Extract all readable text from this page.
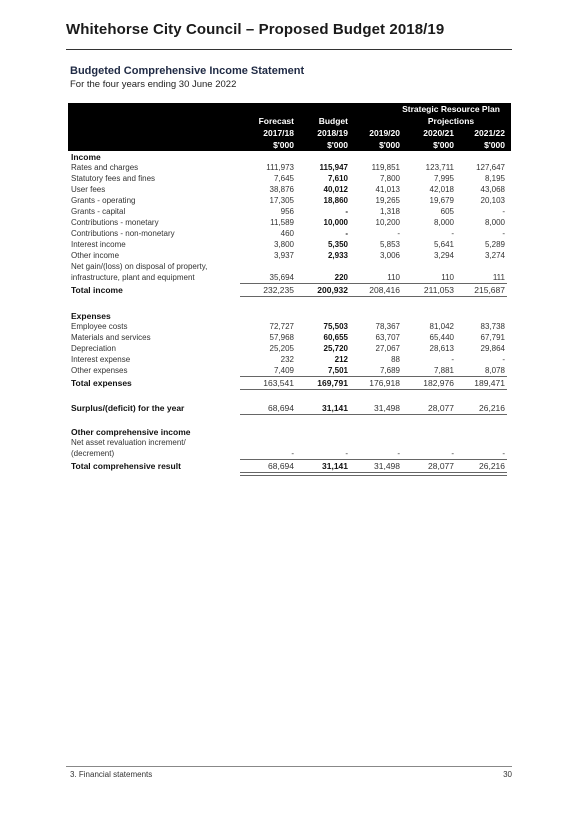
Whitehorse City Council – Proposed Budget 2018/19
Budgeted Comprehensive Income Statement
For the four years ending 30 June 2022
Strategic Resource Plan
Forecast	Budget	Projections
2017/18	2018/19	2019/20	2020/21	2021/22
$'000	$'000	$'000	$'000	$'000
Income
Rates and charges	111,973	115,947	119,851	123,711	127,647
Statutory fees and fines	7,645	7,610	7,800	7,995	8,195
User fees	38,876	40,012	41,013	42,018	43,068
Grants - operating	17,305	18,860	19,265	19,679	20,103
Grants - capital	956	-	1,318	605	-
Contributions - monetary	11,589	10,000	10,200	8,000	8,000
Contributions - non-monetary	460	-	-	-	-
Interest income	3,800	5,350	5,853	5,641	5,289
Other income	3,937	2,933	3,006	3,294	3,274
Net gain/(loss) on disposal of property,
infrastructure, plant and equipment	35,694	220	110	110	111
Total income	232,235	200,932	208,416	211,053	215,687
Expenses
Employee costs	72,727	75,503	78,367	81,042	83,738
Materials and services	57,968	60,655	63,707	65,440	67,791
Depreciation	25,205	25,720	27,067	28,613	29,864
Interest expense	232	212	88	-	-
Other expenses	7,409	7,501	7,689	7,881	8,078
Total expenses	163,541	169,791	176,918	182,976	189,471
Surplus/(deficit) for the year	68,694	31,141	31,498	28,077	26,216
Other comprehensive income
Net asset revaluation increment/
(decrement)	-	-	-	-	-
Total comprehensive result	68,694	31,141	31,498	28,077	26,216
3. Financial statements	30
